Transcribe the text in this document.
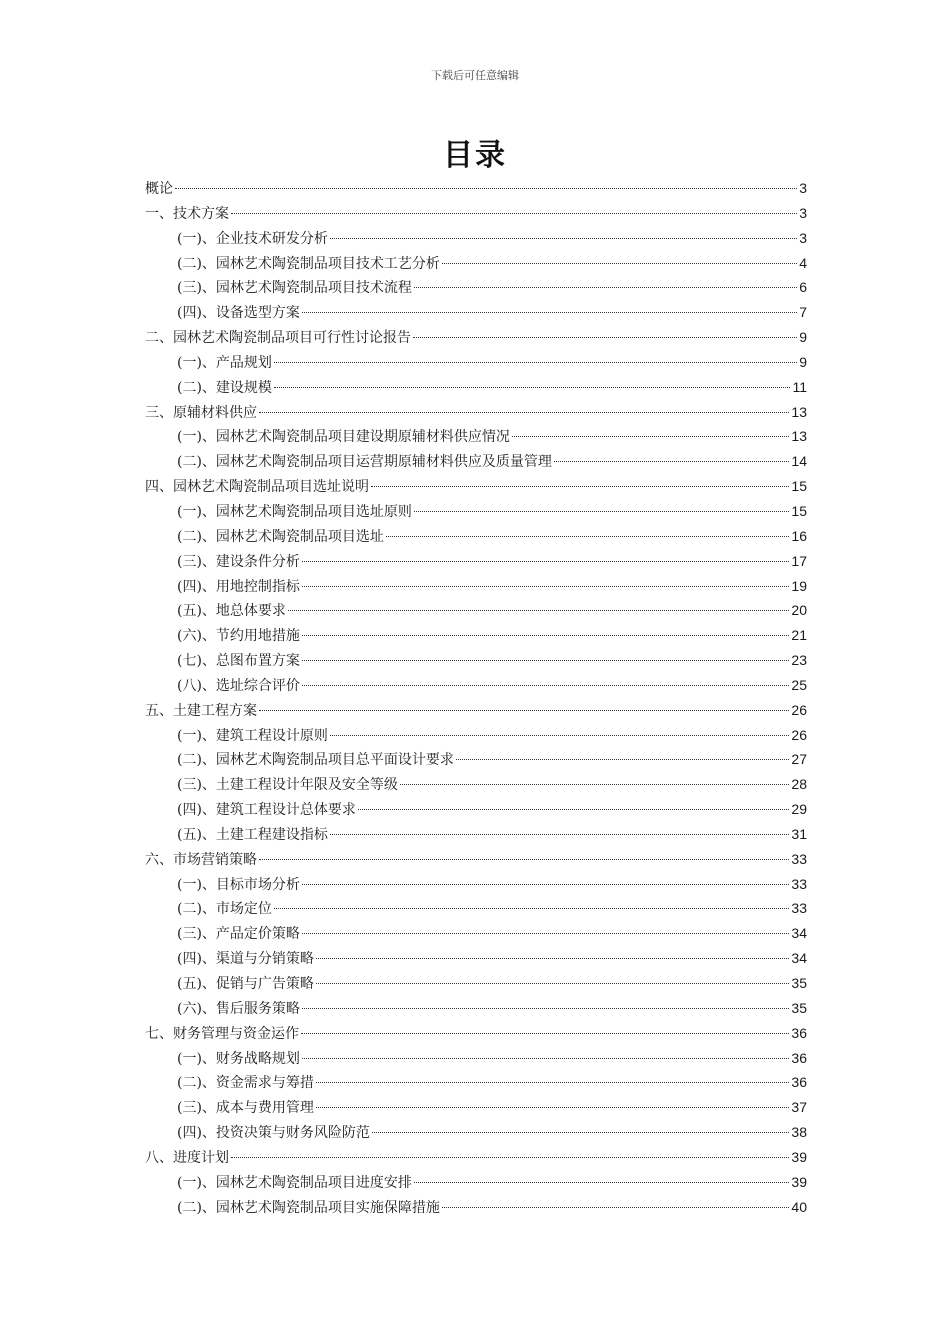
下载后可任意编辑
目录
概论	3
一、技术方案	3
(一)、企业技术研发分析	3
(二)、园林艺术陶瓷制品项目技术工艺分析	4
(三)、园林艺术陶瓷制品项目技术流程	6
(四)、设备选型方案	7
二、园林艺术陶瓷制品项目可行性讨论报告	9
(一)、产品规划	9
(二)、建设规模	11
三、原辅材料供应	13
(一)、园林艺术陶瓷制品项目建设期原辅材料供应情况	13
(二)、园林艺术陶瓷制品项目运营期原辅材料供应及质量管理	14
四、园林艺术陶瓷制品项目选址说明	15
(一)、园林艺术陶瓷制品项目选址原则	15
(二)、园林艺术陶瓷制品项目选址	16
(三)、建设条件分析	17
(四)、用地控制指标	19
(五)、地总体要求	20
(六)、节约用地措施	21
(七)、总图布置方案	23
(八)、选址综合评价	25
五、土建工程方案	26
(一)、建筑工程设计原则	26
(二)、园林艺术陶瓷制品项目总平面设计要求	27
(三)、土建工程设计年限及安全等级	28
(四)、建筑工程设计总体要求	29
(五)、土建工程建设指标	31
六、市场营销策略	33
(一)、目标市场分析	33
(二)、市场定位	33
(三)、产品定价策略	34
(四)、渠道与分销策略	34
(五)、促销与广告策略	35
(六)、售后服务策略	35
七、财务管理与资金运作	36
(一)、财务战略规划	36
(二)、资金需求与筹措	36
(三)、成本与费用管理	37
(四)、投资决策与财务风险防范	38
八、进度计划	39
(一)、园林艺术陶瓷制品项目进度安排	39
(二)、园林艺术陶瓷制品项目实施保障措施	40
